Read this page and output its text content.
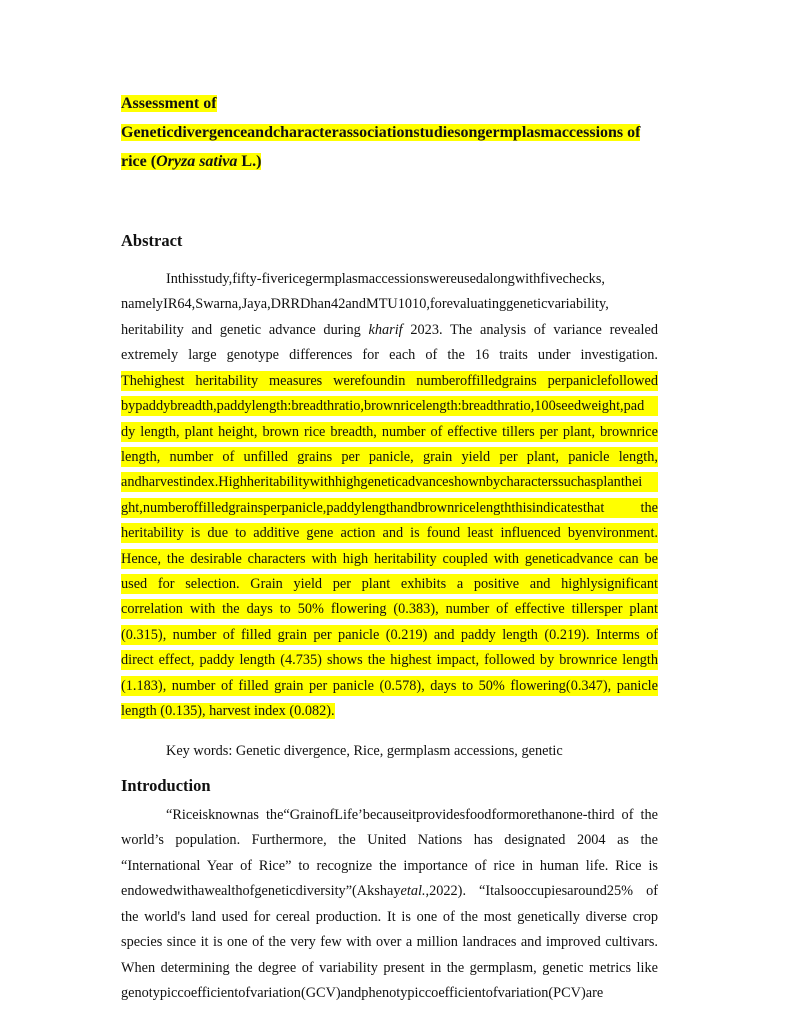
Assessment of
Geneticdivergenceandcharacterassociationstudiesongermplasmaccessions of
rice (Oryza sativa L.)
Abstract
Inthisstudy,fifty-fivericegermplasmaccessionswereusedalongwithfivechecks,
namelyIR64,Swarna,Jaya,DRRDhan42andMTU1010,forevaluatinggeneticvariability,
heritability and genetic advance during kharif 2023. The analysis of variance revealed
extremely large genotype differences for each of the 16 traits under investigation.
Thehighest heritability measures werefoundin numberoffilledgrains perpaniclefollowed
bypaddybreadth,paddylength:breadthratio,brownricelength:breadthratio,100seedweight,pad
dy length, plant height, brown rice breadth, number of effective tillers per plant, brownrice
length, number of unfilled grains per panicle, grain yield per plant, panicle length,
andharvestindex.Highheritabilitywithhighgeneticadvanceshownbycharacterssuchasplanthei
ght,numberoffilledgrainsperpanicle,paddylengthandbrownricelengththisindicatesthat     the
heritability is due to additive gene action and is found least influenced byenvironment.
Hence, the desirable characters with high heritability coupled with geneticadvance can be
used for selection. Grain yield per plant exhibits a positive and highlysignificant
correlation with the days to 50% flowering (0.383), number of effective tillersper plant
(0.315), number of filled grain per panicle (0.219) and paddy length (0.219). Interms of
direct effect, paddy length (4.735) shows the highest impact, followed by brownrice length
(1.183), number of filled grain per panicle (0.578), days to 50% flowering(0.347), panicle
length (0.135), harvest index (0.082).
Key words: Genetic divergence, Rice, germplasm accessions, genetic
Introduction
“Riceisknownas the“GrainofLife’becauseitprovidesfoodformorethanone-third of the
world’s population. Furthermore, the United Nations has designated 2004 as the
“International Year of Rice” to recognize the importance of rice in human life. Rice is
endowedwithawealthofgeneticdiversity”(Akshayetal.,2022).  “Italsooccupiesaround25%  of
the world's land used for cereal production. It is one of the most genetically diverse crop
species since it is one of the very few with over a million landraces and improved cultivars.
When determining the degree of variability present in the germplasm, genetic metrics like
genotypiccoefficientofvariation(GCV)andphenotypiccoefficientofvariation(PCV)are
